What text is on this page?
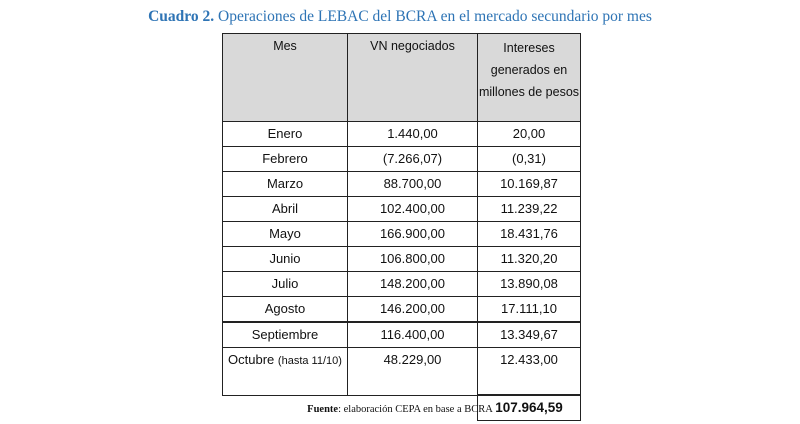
Cuadro 2. Operaciones de LEBAC del BCRA en el mercado secundario por mes
Mes	VN negociados	Intereses generados en millones de pesos
Enero	1.440,00	20,00
Febrero	(7.266,07)	(0,31)
Marzo	88.700,00	10.169,87
Abril	102.400,00	11.239,22
Mayo	166.900,00	18.431,76
Junio	106.800,00	11.320,20
Julio	148.200,00	13.890,08
Agosto	146.200,00	17.111,10
Septiembre	116.400,00	13.349,67
Octubre (hasta 11/10)	48.229,00	12.433,00
		107.964,59
Fuente: elaboración CEPA en base a BCRA
